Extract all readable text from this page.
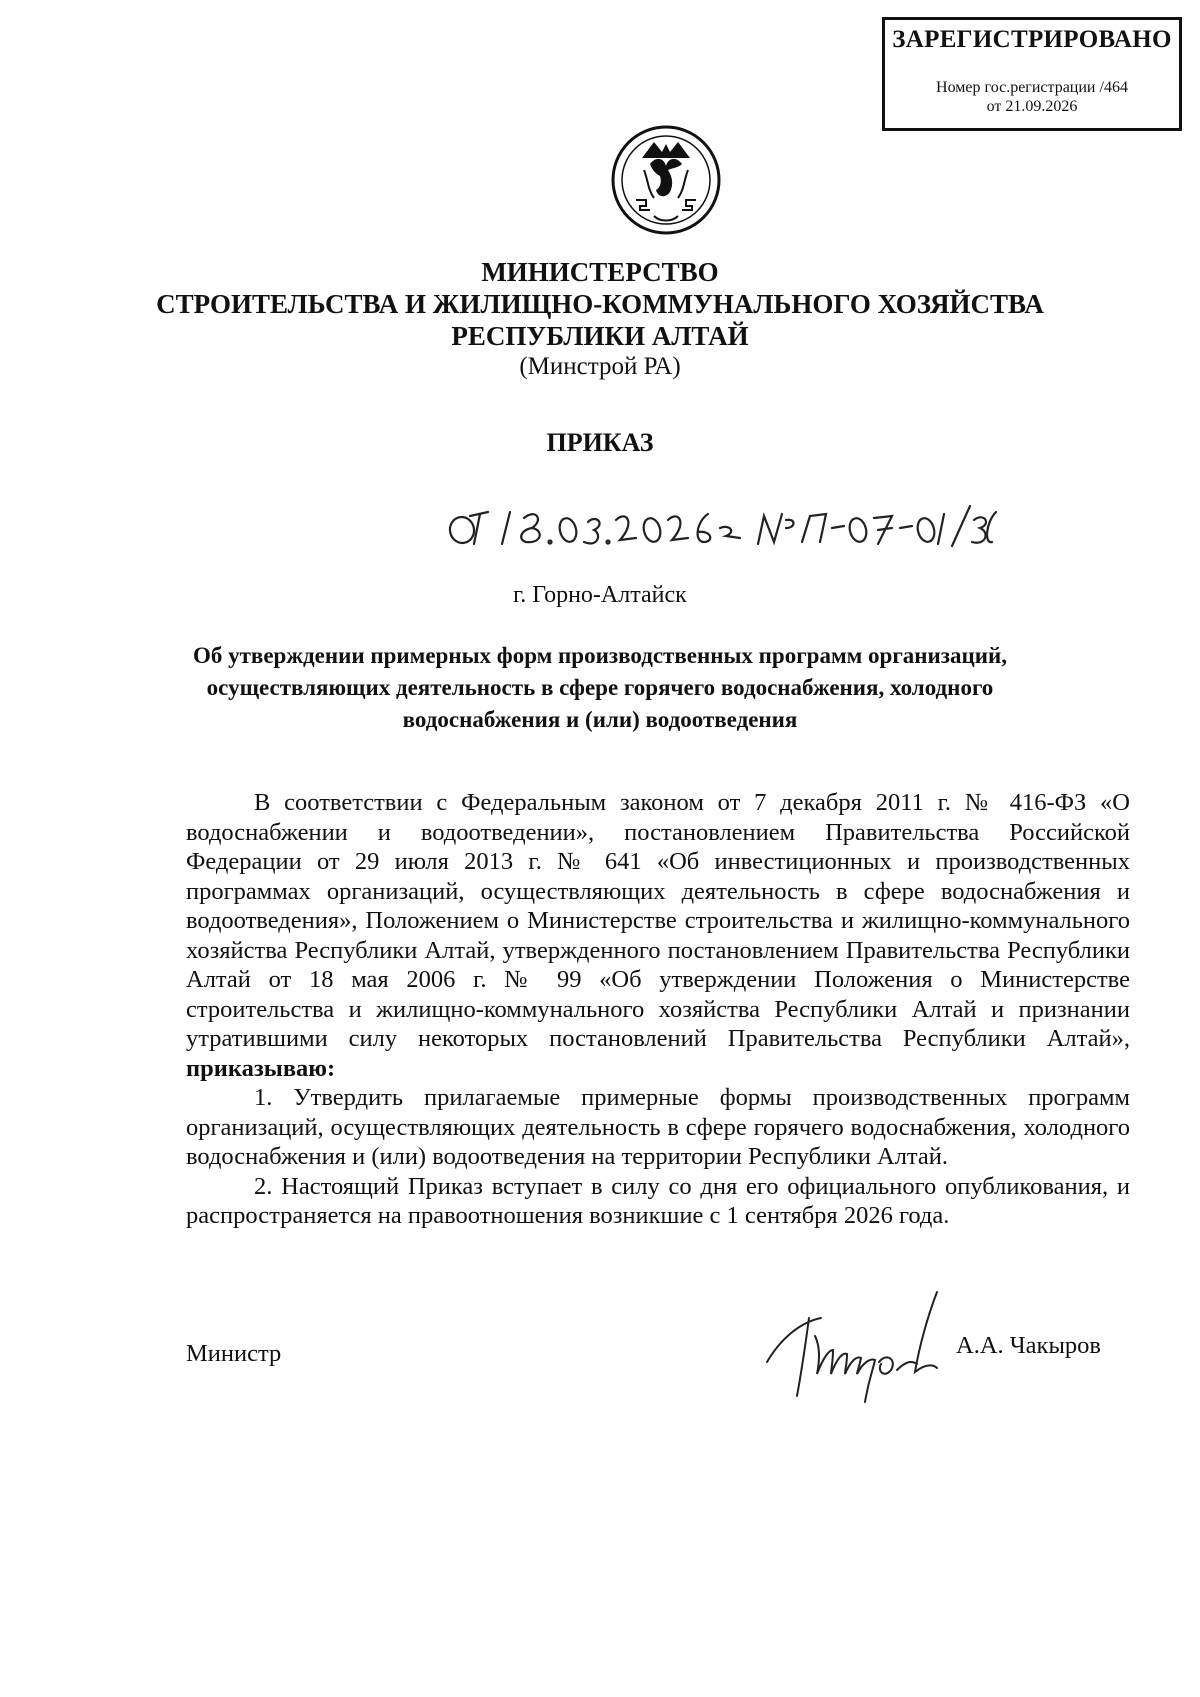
ЗАРЕГИСТРИРОВАНО
Номер гос.регистрации /464
от 21.09.2026
МИНИСТЕРСТВО
СТРОИТЕЛЬСТВА И ЖИЛИЩНО-КОММУНАЛЬНОГО ХОЗЯЙСТВА
РЕСПУБЛИКИ АЛТАЙ
(Минстрой РА)
ПРИКАЗ
г. Горно-Алтайск
Об утверждении примерных форм производственных программ организаций, осуществляющих деятельность в сфере горячего водоснабжения, холодного водоснабжения и (или) водоотведения

В соответствии с Федеральным законом от 7 декабря 2011 г. № 416-ФЗ «О водоснабжении и водоотведении», постановлением Правительства Российской Федерации от 29 июля 2013 г. № 641 «Об инвестиционных и производственных программах организаций, осуществляющих деятельность в сфере водоснабжения и водоотведения», Положением о Министерстве строительства и жилищно-коммунального хозяйства Республики Алтай, утвержденного постановлением Правительства Республики Алтай от 18 мая 2006 г. № 99 «Об утверждении Положения о Министерстве строительства и жилищно-коммунального хозяйства Республики Алтай и признании утратившими силу некоторых постановлений Правительства Республики Алтай», приказываю:

1. Утвердить прилагаемые примерные формы производственных программ организаций, осуществляющих деятельность в сфере горячего водоснабжения, холодного водоснабжения и (или) водоотведения на территории Республики Алтай.

2. Настоящий Приказ вступает в силу со дня его официального опубликования, и распространяется на правоотношения возникшие с 1 сентября 2026 года.

Министр	А.А. Чакыров
